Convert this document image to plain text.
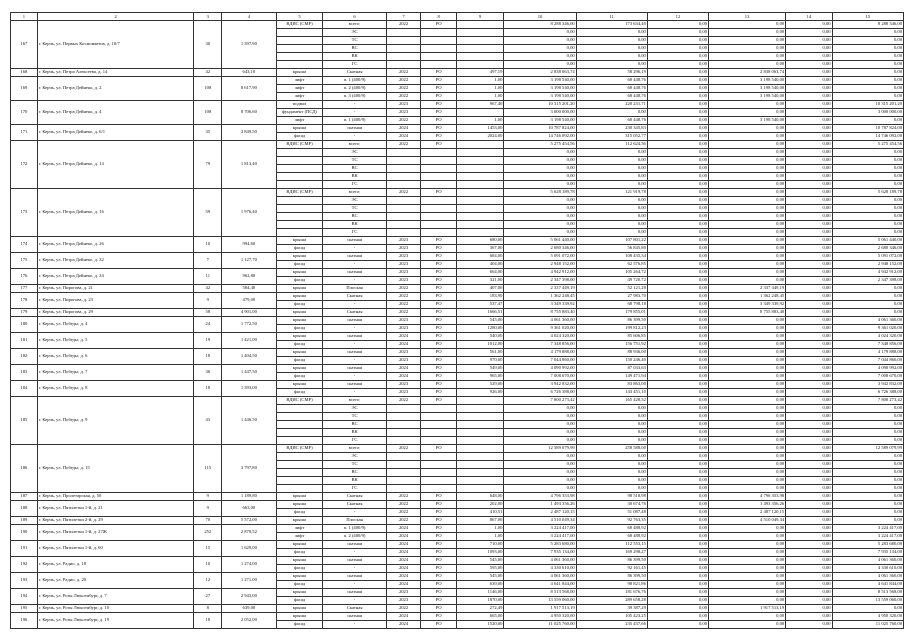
1	2	3	4	5	6	7	8	9	10	11	12	13	14	15
167	г. Керчь, ул. Первых Космонавтов, д. 10/7	30	1 397,90	ВДИС (СМР)	всего:	2022	РО		8 288 346,00	173 634,40	0,00	0,00	0,00	8 288 346,00
					ЭС				0,00	0,00	0,00	0,00	0,00	0,00
					ТС				0,00	0,00	0,00	0,00	0,00	0,00
					ВС				0,00	0,00	0,00	0,00	0,00	0,00
					ВК				0,00	0,00	0,00	0,00	0,00	0,00
					ГС				0,00	0,00	0,00	0,00	0,00	0,00
168	г. Керчь, ул. Петра Алексеева, д. 14	42	643,10	крыша	Скатная	2022	РО	497,19	2 838 063,74	58 296,19	0,00	2 838 063,74	0,00	0,00
169	г. Керчь, ул. Петра Дейнеко, д. 2	108	8 617,90	лифт	п. 1 (400/9)	2022	РО	1,00	3 198 540,00	68 448,76	0,00	3 198 540,00	0,00	0,00
				лифт	п. 2 (400/9)	2022	РО	1,00	3 198 540,00	68 448,76	0,00	3 198 540,00	0,00	0,00
				лифт	п. 3 (400/9)	2022	РО	1,00	3 198 540,00	68 448,76	0,00	3 198 540,00	0,00	0,00
170	г. Керчь, ул. Петра Дейнеко, д. 4	108	8 706,60	подвал	-	2023	РО	967,40	10 315 201,20	220 231,71	0,00	0,00	0,00	10 315 201,20
				фундамент (ПСД)	-	2023	РО		3 000 000,00	0,00	0,00	0,00	0,00	3 000 000,00
				лифт	п. 1 (400/9)	2022	РО	1,00	3 198 540,00	68 448,76	0,00	3 198 540,00	0,00	0,00
171	г. Керчь, ул. Петра Дейнеко, д. 6/1	35	3 849,50	крыша	скатная	2024	РО	1453,00	10 787 824,00	230 345,83	0,00	0,00	0,00	10 787 824,00
				фасад	-	2024	РО	2024,00	14 746 092,00	315 052,77	0,00	0,00	0,00	14 746 092,00
172	г. Керчь, ул. Петра Дейнеко, д. 14	79	1 813,40	ВДИС (СМР)	всего:	2022	РО		5 275 454,56	112 624,56	0,00	0,00	0,00	5 275 454,56
					ЭС				0,00	0,00	0,00	0,00	0,00	0,00
					ТС				0,00	0,00	0,00	0,00	0,00	0,00
					ВС				0,00	0,00	0,00	0,00	0,00	0,00
					ВК				0,00	0,00	0,00	0,00	0,00	0,00
					ГС				0,00	0,00	0,00	0,00	0,00	0,00
173	г. Керчь, ул. Петра Дейнеко, д. 16	59	1 976,40	ВДИС (СМР)	всего:	2022	РО		5 628 189,78	121 919,78	0,00	0,00	0,00	5 628 189,78
					ЭС				0,00	0,00	0,00	0,00	0,00	0,00
					ТС				0,00	0,00	0,00	0,00	0,00	0,00
					ВС				0,00	0,00	0,00	0,00	0,00	0,00
					ВК				0,00	0,00	0,00	0,00	0,00	0,00
					ГС				0,00	0,00	0,00	0,00	0,00	0,00
174	г. Керчь, ул. Петра Дейнеко, д. 26	10	994,60	крыша	скатная	2023	РО	680,00	5 061 440,00	107 801,22	0,00	0,00	0,00	5 061 440,00
				фасад	-	2023	РО	367,00	2 680 346,00	56 845,80	0,00	0,00	0,00	2 680 346,00
175	г. Керчь, ул. Петра Дейнеко, д. 32	7	1 127,70	крыша	скатная	2023	РО	684,00	5 091 072,00	108 435,34	0,00	0,00	0,00	5 091 072,00
				фасад	-	2023	РО	404,00	2 948 152,00	62 576,85	0,00	0,00	0,00	2 948 152,00
176	г. Керчь, ул. Петра Дейнеко, д. 34	11	962,80	крыша	скатная	2023	РО	664,00	4 942 912,00	105 264,72	0,00	0,00	0,00	4 942 912,00
				фасад	-	2023	РО	321,00	2 347 398,00	49 720,72	0,00	0,00	0,00	2 347 398,00
177	г. Керчь, ул. Пирогова, д. 21	42	584,40	крыша	Плоская	2022	РО	407,00	2 337 449,19	52 121,28	0,00	2 337 449,19	0,00	0,00
178	г. Керчь, ул. Пирогова, д. 23	9	479,00	крыша	Скатная	2022	РО	183,90	1 362 248,45	27 983,70	0,00	1 362 248,45	0,00	0,00
				фасад	-	2022	РО	537,47	3 349 339,92	68 798,18	0,00	3 349 339,92	0,00	0,00
179	г. Керчь, ул. Пирогова, д. 29	58	4 901,00	крыша	Скатная	2022	РО	1666,51	8 755 883,40	179 855,01	0,00	8 755 883,40	0,00	0,00
180	г. Керчь, ул. Победы, д. 4	24	1 772,50	крыша	скатная	2023	РО	545,00	4 061 360,00	86 399,50	0,00	0,00	0,00	4 061 360,00
				фасад	-	2023	РО	1280,00	9 361 020,00	199 812,23	0,00	0,00	0,00	9 361 020,00
181	г. Керчь, ул. Победы, д. 5	19	1 421,00	крыша	скатная	2024	РО	540,00	4 024 320,00	85 606,85	0,00	0,00	0,00	4 024 320,00
				фасад	-	2024	РО	1012,00	7 348 856,00	156 751,92	0,00	0,00	0,00	7 348 856,00
182	г. Керчь, ул. Победы, д. 6	18	1 404,50	крыша	скатная	2023	РО	561,00	4 179 888,00	88 936,00	0,00	0,00	0,00	4 179 888,00
				фасад	-	2023	РО	970,00	7 044 860,00	150 246,40	0,00	0,00	0,00	7 044 860,00
183	г. Керчь, ул. Победы, д. 7	36	1 447,50	крыша	скатная	2024	РО	549,00	4 090 992,00	87 033,63	0,00	0,00	0,00	4 090 992,00
				фасад	-	2024	РО	965,00	7 008 670,00	149 471,94	0,00	0,00	0,00	7 008 670,00
184	г. Керчь, ул. Победы, д. 8	18	1 393,00	крыша	скатная	2023	РО	529,00	3 942 832,00	83 863,00	0,00	0,00	0,00	3 942 832,00
				фасад	-	2023	РО	926,00	6 726 388,00	143 451,10	0,00	0,00	0,00	6 726 388,00
185	г. Керчь, ул. Победы, д. 9	43	1 446,50	ВДИС (СМР)	всего:	2022	РО		7 800 273,42	165 428,52	0,00	0,00	0,00	7 800 273,42
					ЭС				0,00	0,00	0,00	0,00	0,00	0,00
					ТС				0,00	0,00	0,00	0,00	0,00	0,00
					ВС				0,00	0,00	0,00	0,00	0,00	0,00
					ВК				0,00	0,00	0,00	0,00	0,00	0,00
					ГС				0,00	0,00	0,00	0,00	0,00	0,00
186	г. Керчь, ул. Победы, д. 15	115	3 797,80	ВДИС (СМР)	всего:	2022	РО		12 589 079,99	258 588,00	0,00	0,00	0,00	12 589 079,99
					ЭС				0,00	0,00	0,00	0,00	0,00	0,00
					ТС				0,00	0,00	0,00	0,00	0,00	0,00
					ВС				0,00	0,00	0,00	0,00	0,00	0,00
					ВК				0,00	0,00	0,00	0,00	0,00	0,00
					ГС				0,00	0,00	0,00	0,00	0,00	0,00
187	г. Керчь, ул. Пролетарская, д. 50	9	1 189,80	крыша	Скатная	2022	РО	648,00	4 796 353,98	98 518,98	0,00	4 796 353,98	0,00	0,00
188	г. Керчь, ул. Пятилетки 1-й, д. 21	9	663,00	крыша	Скатная	2022	РО	202,00	1 493 356,26	30 674,76	0,00	1 493 356,26	0,00	0,00
				фасад	-	2022	РО	410,51	2 487 120,15	51 087,48	0,00	2 487 120,15	0,00	0,00
189	г. Керчь, ул. Пятилетки 2-й, д. 29	70	5 572,00	крыша	Плоская	2022	РО	867,06	4 510 049,34	92 763,35	0,00	4 510 049,34	0,00	0,00
190	г. Керчь, ул. Пятилетки 1-й, д. 27Ж	252	2 870,52	лифт	п. 1 (400/9)	2024	РО	1,00	3 224 417,00	68 488,92	0,00	0,00	0,00	3 224 417,00
				лифт	п. 2 (400/9)	2024	РО	1,00	3 224 417,00	68 488,92	0,00	0,00	0,00	3 224 417,00
191	г. Керчь, ул. Пятилетки 1-й, д. 60	15	1 629,00	крыша	скатная	2024	РО	710,00	5 283 680,00	112 553,15	0,00	0,00	0,00	5 283 680,00
				фасад	-	2024	РО	1093,00	7 935 134,00	169 298,27	0,00	0,00	0,00	7 935 134,00
192	г. Керчь, ул. Радио, д. 18	10	1 274,00	крыша	скатная	2024	РО	545,00	4 061 360,00	86 399,50	0,00	0,00	0,00	4 061 360,00
				фасад	-	2024	РО	595,00	4 330 610,00	92 161,45	0,00	0,00	0,00	4 330 610,00
193	г. Керчь, ул. Радио, д. 20	12	1 271,00	крыша	скатная	2024	РО	545,00	4 061 360,00	86 399,50	0,00	0,00	0,00	4 061 360,00
				фасад	-	2024	РО	639,00	4 641 844,00	98 821,86	0,00	0,00	0,00	4 641 844,00
194	г. Керчь, ул. Розы Люксембург, д. 7	27	2 943,00	крыша	скатная	2023	РО	1146,00	8 513 568,00	181 676,76	0,00	0,00	0,00	8 513 568,00
				фасад	-	2023	РО	1870,00	13 559 060,00	289 658,28	0,00	0,00	0,00	13 559 060,00
195	г. Керчь, ул. Розы Люксембург, д. 10	8	639,00	крыша	Скатная	2022	РО	272,49	1 917 513,19	39 387,29	0,00	1 917 513,19	0,00	0,00
196	г. Керчь, ул. Розы Люксембург, д. 19	18	2 052,00	крыша	скатная	2024	РО	665,00	4 950 320,00	105 423,25	0,00	0,00	0,00	4 950 320,00
				фасад	-	2024	РО	1520,00	11 025 760,00	235 437,66	0,00	0,00	0,00	11 025 760,00
